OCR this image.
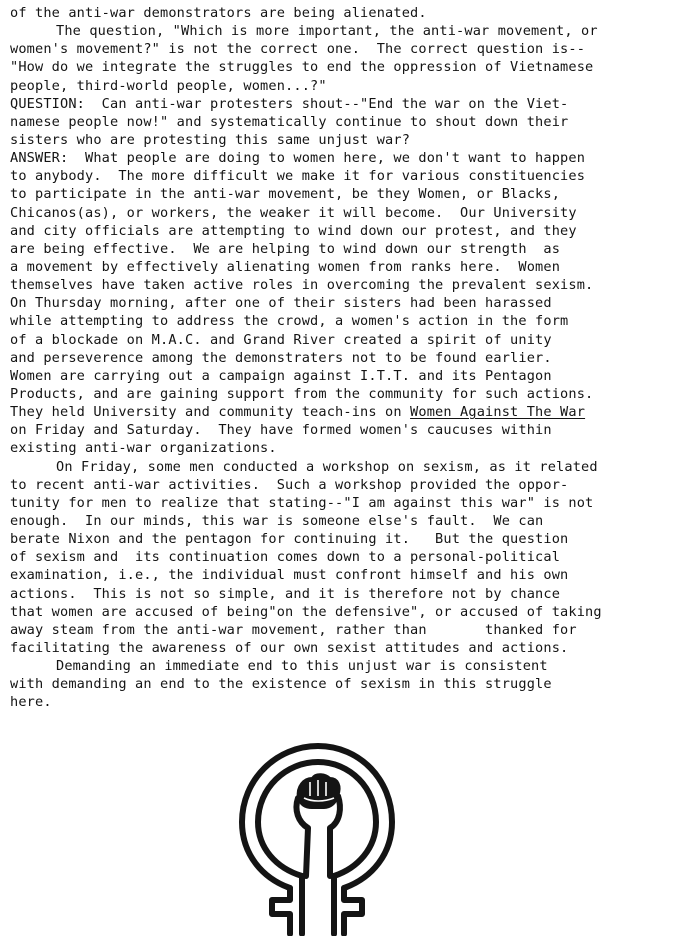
of the anti-war demonstrators are being alienated.
The question, "Which is more important, the anti-war movement, or
women's movement?" is not the correct one.  The correct question is--
"How do we integrate the struggles to end the oppression of Vietnamese
people, third-world people, women...?"
QUESTION:  Can anti-war protesters shout--"End the war on the Viet-
namese people now!" and systematically continue to shout down their
sisters who are protesting this same unjust war?
ANSWER:  What people are doing to women here, we don't want to happen
to anybody.  The more difficult we make it for various constituencies
to participate in the anti-war movement, be they Women, or Blacks,
Chicanos(as), or workers, the weaker it will become.  Our University
and city officials are attempting to wind down our protest, and they
are being effective.  We are helping to wind down our strength  as
a movement by effectively alienating women from ranks here.  Women
themselves have taken active roles in overcoming the prevalent sexism.
On Thursday morning, after one of their sisters had been harassed
while attempting to address the crowd, a women's action in the form
of a blockade on M.A.C. and Grand River created a spirit of unity
and perseverence among the demonstraters not to be found earlier.
Women are carrying out a campaign against I.T.T. and its Pentagon
Products, and are gaining support from the community for such actions.
They held University and community teach-ins on Women Against The War
on Friday and Saturday.  They have formed women's caucuses within
existing anti-war organizations.
On Friday, some men conducted a workshop on sexism, as it related
to recent anti-war activities.  Such a workshop provided the oppor-
tunity for men to realize that stating--"I am against this war" is not
enough.  In our minds, this war is someone else's fault.  We can
berate Nixon and the pentagon for continuing it.   But the question
of sexism and  its continuation comes down to a personal-political
examination, i.e., the individual must confront himself and his own
actions.  This is not so simple, and it is therefore not by chance
that women are accused of being"on the defensive", or accused of taking
away steam from the anti-war movement, rather than       thanked for
facilitating the awareness of our own sexist attitudes and actions.
Demanding an immediate end to this unjust war is consistent
with demanding an end to the existence of sexism in this struggle
here.
